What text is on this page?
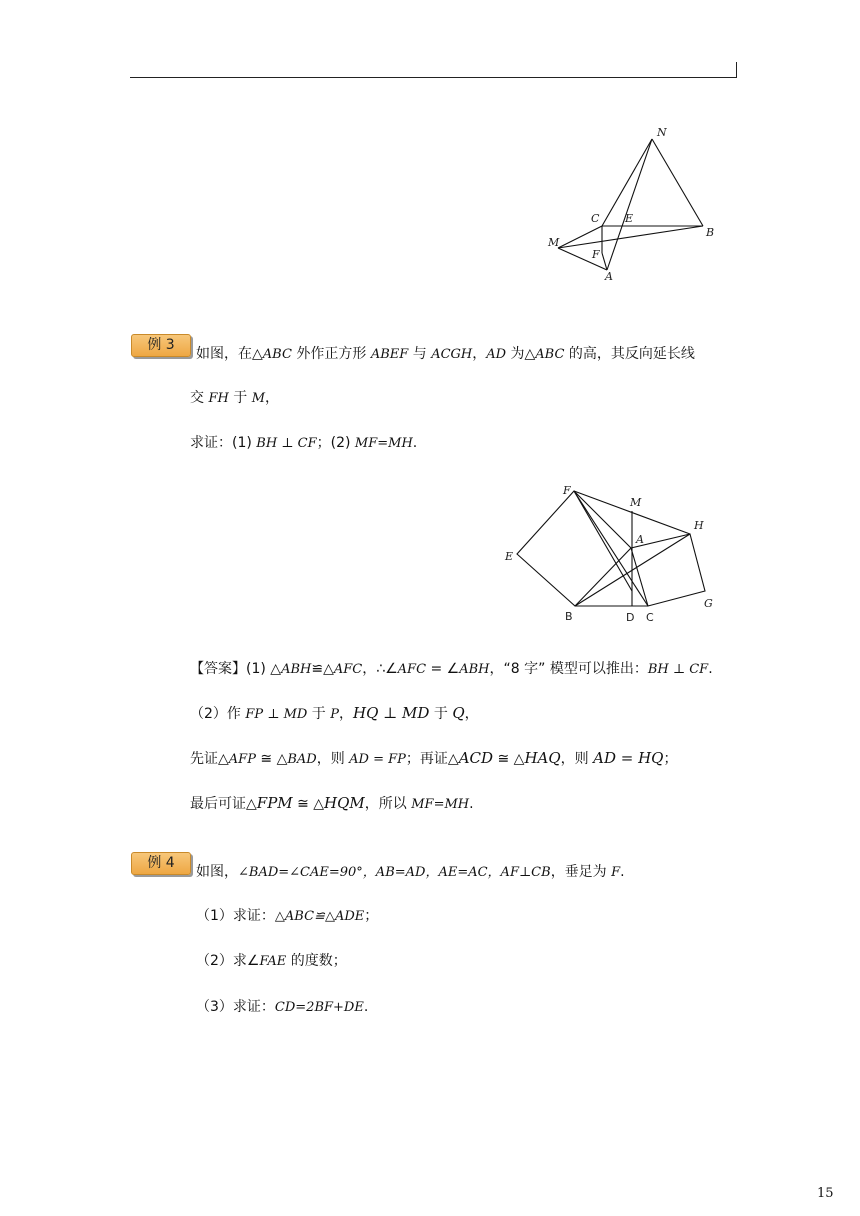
N
C E
B
M
F
A
例 3
如图，在△ABC 外作正方形 ABEF 与 ACGH，AD 为△ABC 的高，其反向延长线
交 FH 于 M，
求证：(1) BH ⊥ CF；(2) MF=MH.
F
M
H
A
E
G
B	D C
【答案】(1) △ABH≌△AFC，∴∠AFC = ∠ABH，“8 字” 模型可以推出：BH ⊥ CF.
（2）作 FP ⊥ MD 于 P，HQ ⊥ MD 于 Q，
先证△AFP ≅ △BAD，则 AD = FP；再证△ACD ≅ △HAQ，则 AD = HQ；
最后可证△FPM ≅ △HQM，所以 MF=MH.
例 4
如图，∠BAD=∠CAE=90°，AB=AD，AE=AC，AF⊥CB，垂足为 F.
（1）求证：△ABC≌△ADE；
（2）求∠FAE 的度数；
（3）求证：CD=2BF+DE.
15
